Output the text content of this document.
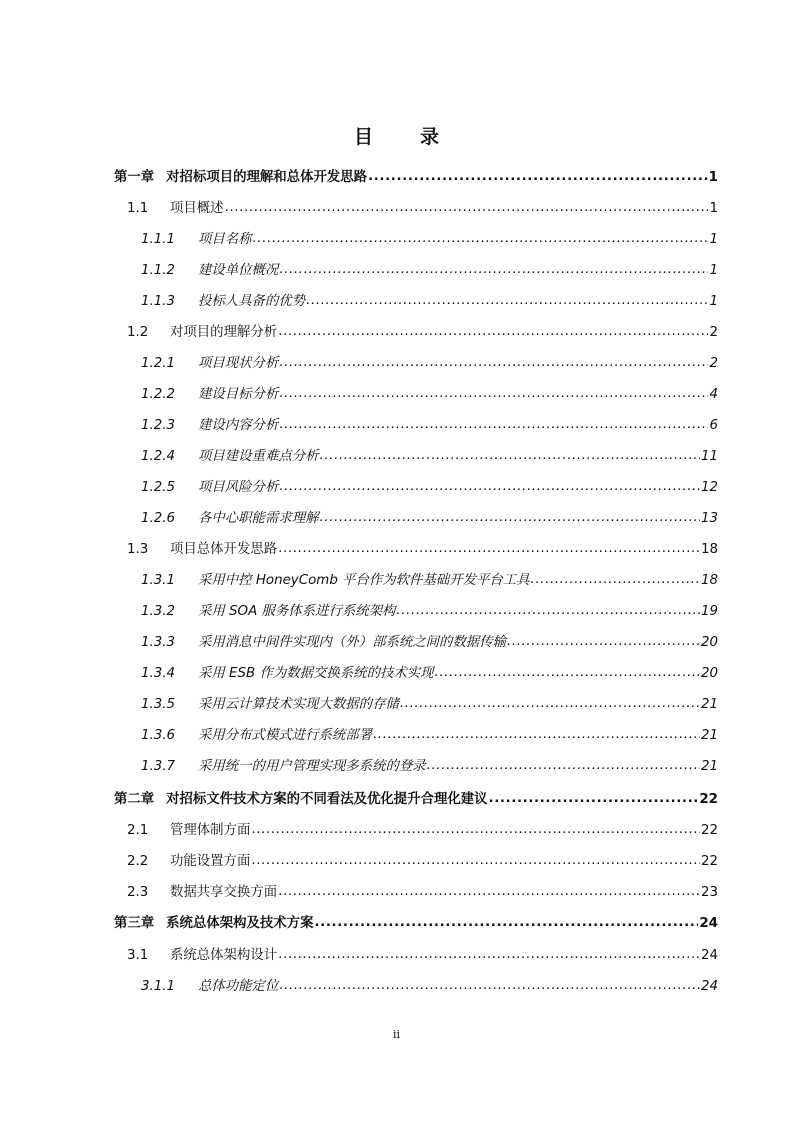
目　录
第一章 对招标项目的理解和总体开发思路 .....	1
1.1	项目概述 .....	1
1.1.1	项目名称 .....	1
1.1.2	建设单位概况 .....	1
1.1.3	投标人具备的优势 .....	1
1.2	对项目的理解分析 .....	2
1.2.1	项目现状分析 .....	2
1.2.2	建设目标分析 .....	4
1.2.3	建设内容分析 .....	6
1.2.4	项目建设重难点分析 .....	11
1.2.5	项目风险分析 .....	12
1.2.6	各中心职能需求理解 .....	13
1.3	项目总体开发思路 .....	18
1.3.1	采用中控 HoneyComb 平台作为软件基础开发平台工具 .....	18
1.3.2	采用 SOA 服务体系进行系统架构 .....	19
1.3.3	采用消息中间件实现内（外）部系统之间的数据传输 .....	20
1.3.4	采用 ESB 作为数据交换系统的技术实现 .....	20
1.3.5	采用云计算技术实现大数据的存储 .....	21
1.3.6	采用分布式模式进行系统部署 .....	21
1.3.7	采用统一的用户管理实现多系统的登录 .....	21
第二章 对招标文件技术方案的不同看法及优化提升合理化建议 .....	22
2.1	管理体制方面 .....	22
2.2	功能设置方面 .....	22
2.3	数据共享交换方面 .....	23
第三章 系统总体架构及技术方案 .....	24
3.1	系统总体架构设计 .....	24
3.1.1	总体功能定位 .....	24
ii
